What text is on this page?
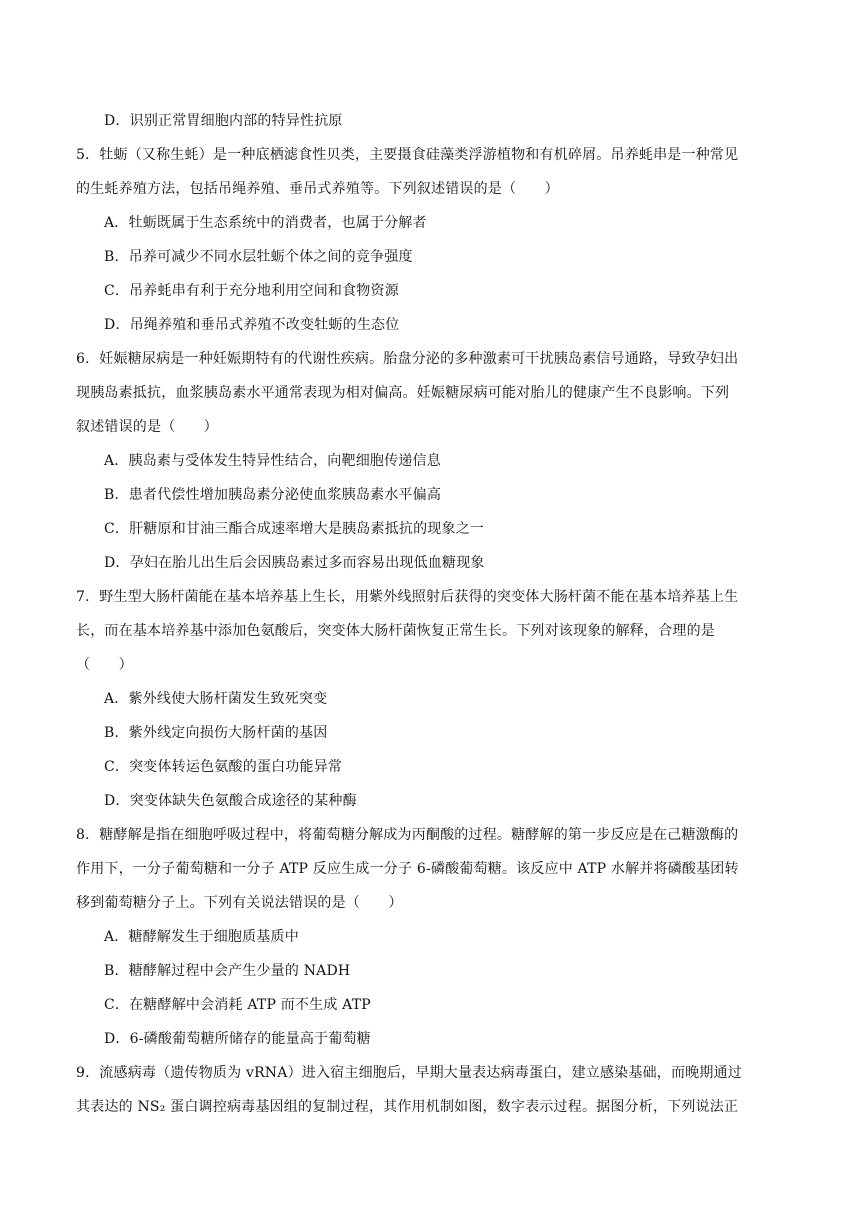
D．识别正常胃细胞内部的特异性抗原
5．牡蛎（又称生蚝）是一种底栖滤食性贝类，主要摄食硅藻类浮游植物和有机碎屑。吊养蚝串是一种常见
的生蚝养殖方法，包括吊绳养殖、垂吊式养殖等。下列叙述错误的是（　　）
A．牡蛎既属于生态系统中的消费者，也属于分解者
B．吊养可减少不同水层牡蛎个体之间的竞争强度
C．吊养蚝串有利于充分地利用空间和食物资源
D．吊绳养殖和垂吊式养殖不改变牡蛎的生态位
6．妊娠糖尿病是一种妊娠期特有的代谢性疾病。胎盘分泌的多种激素可干扰胰岛素信号通路，导致孕妇出
现胰岛素抵抗，血浆胰岛素水平通常表现为相对偏高。妊娠糖尿病可能对胎儿的健康产生不良影响。下列
叙述错误的是（　　）
A．胰岛素与受体发生特异性结合，向靶细胞传递信息
B．患者代偿性增加胰岛素分泌使血浆胰岛素水平偏高
C．肝糖原和甘油三酯合成速率增大是胰岛素抵抗的现象之一
D．孕妇在胎儿出生后会因胰岛素过多而容易出现低血糖现象
7．野生型大肠杆菌能在基本培养基上生长，用紫外线照射后获得的突变体大肠杆菌不能在基本培养基上生
长，而在基本培养基中添加色氨酸后，突变体大肠杆菌恢复正常生长。下列对该现象的解释，合理的是
（　　）
A．紫外线使大肠杆菌发生致死突变
B．紫外线定向损伤大肠杆菌的基因
C．突变体转运色氨酸的蛋白功能异常
D．突变体缺失色氨酸合成途径的某种酶
8．糖酵解是指在细胞呼吸过程中，将葡萄糖分解成为丙酮酸的过程。糖酵解的第一步反应是在己糖激酶的
作用下，一分子葡萄糖和一分子 ATP 反应生成一分子 6-磷酸葡萄糖。该反应中 ATP 水解并将磷酸基团转
移到葡萄糖分子上。下列有关说法错误的是（　　）
A．糖酵解发生于细胞质基质中
B．糖酵解过程中会产生少量的 NADH
C．在糖酵解中会消耗 ATP 而不生成 ATP
D．6-磷酸葡萄糖所储存的能量高于葡萄糖
9．流感病毒（遗传物质为 vRNA）进入宿主细胞后，早期大量表达病毒蛋白，建立感染基础，而晚期通过
其表达的 NS₂ 蛋白调控病毒基因组的复制过程，其作用机制如图，数字表示过程。据图分析，下列说法正
